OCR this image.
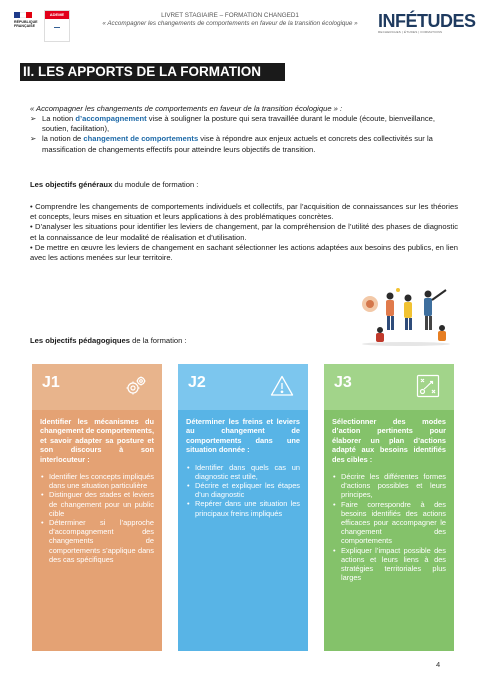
RÉPUBLIQUE
FRANÇAISE
ADEME
▬▬
LIVRET STAGIAIRE – FORMATION CHANGED1
« Accompagner les changements de comportements en faveur de la transition écologique »	INFÉTUDES
RECHERCHES | ÉTUDES | FORMATIONS
II. LES APPORTS DE LA FORMATION
« Accompagner les changements de comportements en faveur de la transition écologique » :
➢ La notion d’accompagnement vise à souligner la posture qui sera travaillée durant le module (écoute, bienveillance, soutien, facilitation),
➢ la notion de changement de comportements vise à répondre aux enjeux actuels et concrets des collectivités sur la massification de changements effectifs pour atteindre leurs objectifs de transition.
Les objectifs généraux du module de formation :
• Comprendre les changements de comportements individuels et collectifs, par l’acquisition de connaissances sur les théories et concepts, leurs mises en situation et leurs applications à des problématiques concrètes.
• D’analyser les situations pour identifier les leviers de changement, par la compréhension de l’utilité des phases de diagnostic et la connaissance de leur modalité de réalisation et d’utilisation.
• De mettre en œuvre les leviers de changement en sachant sélectionner les actions adaptées aux besoins des publics, en lien avec les actions menées sur leur territoire.
Les objectifs pédagogiques de la formation :
J1
Identifier les mécanismes du changement de comportements, et savoir adapter sa posture et son discours à son interlocuteur :
• Identifier les concepts impliqués dans une situation particulière
• Distinguer des stades et leviers de changement pour un public cible
• Déterminer si l’approche d’accompagnement des changements de comportements s’applique dans des cas spécifiques
J2
Déterminer les freins et leviers au changement de comportements dans une situation donnée :
• Identifier dans quels cas un diagnostic est utile,
• Décrire et expliquer les étapes d’un diagnostic
• Repérer dans une situation les principaux freins impliqués
J3
Sélectionner des modes d’action pertinents pour élaborer un plan d’actions adapté aux besoins identifiés des cibles :
• Décrire les différentes formes d’actions possibles et leurs principes,
• Faire correspondre à des besoins identifiés des actions efficaces pour accompagner le changement des comportements
• Expliquer l’impact possible des actions et leurs liens à des stratégies territoriales plus larges
4
